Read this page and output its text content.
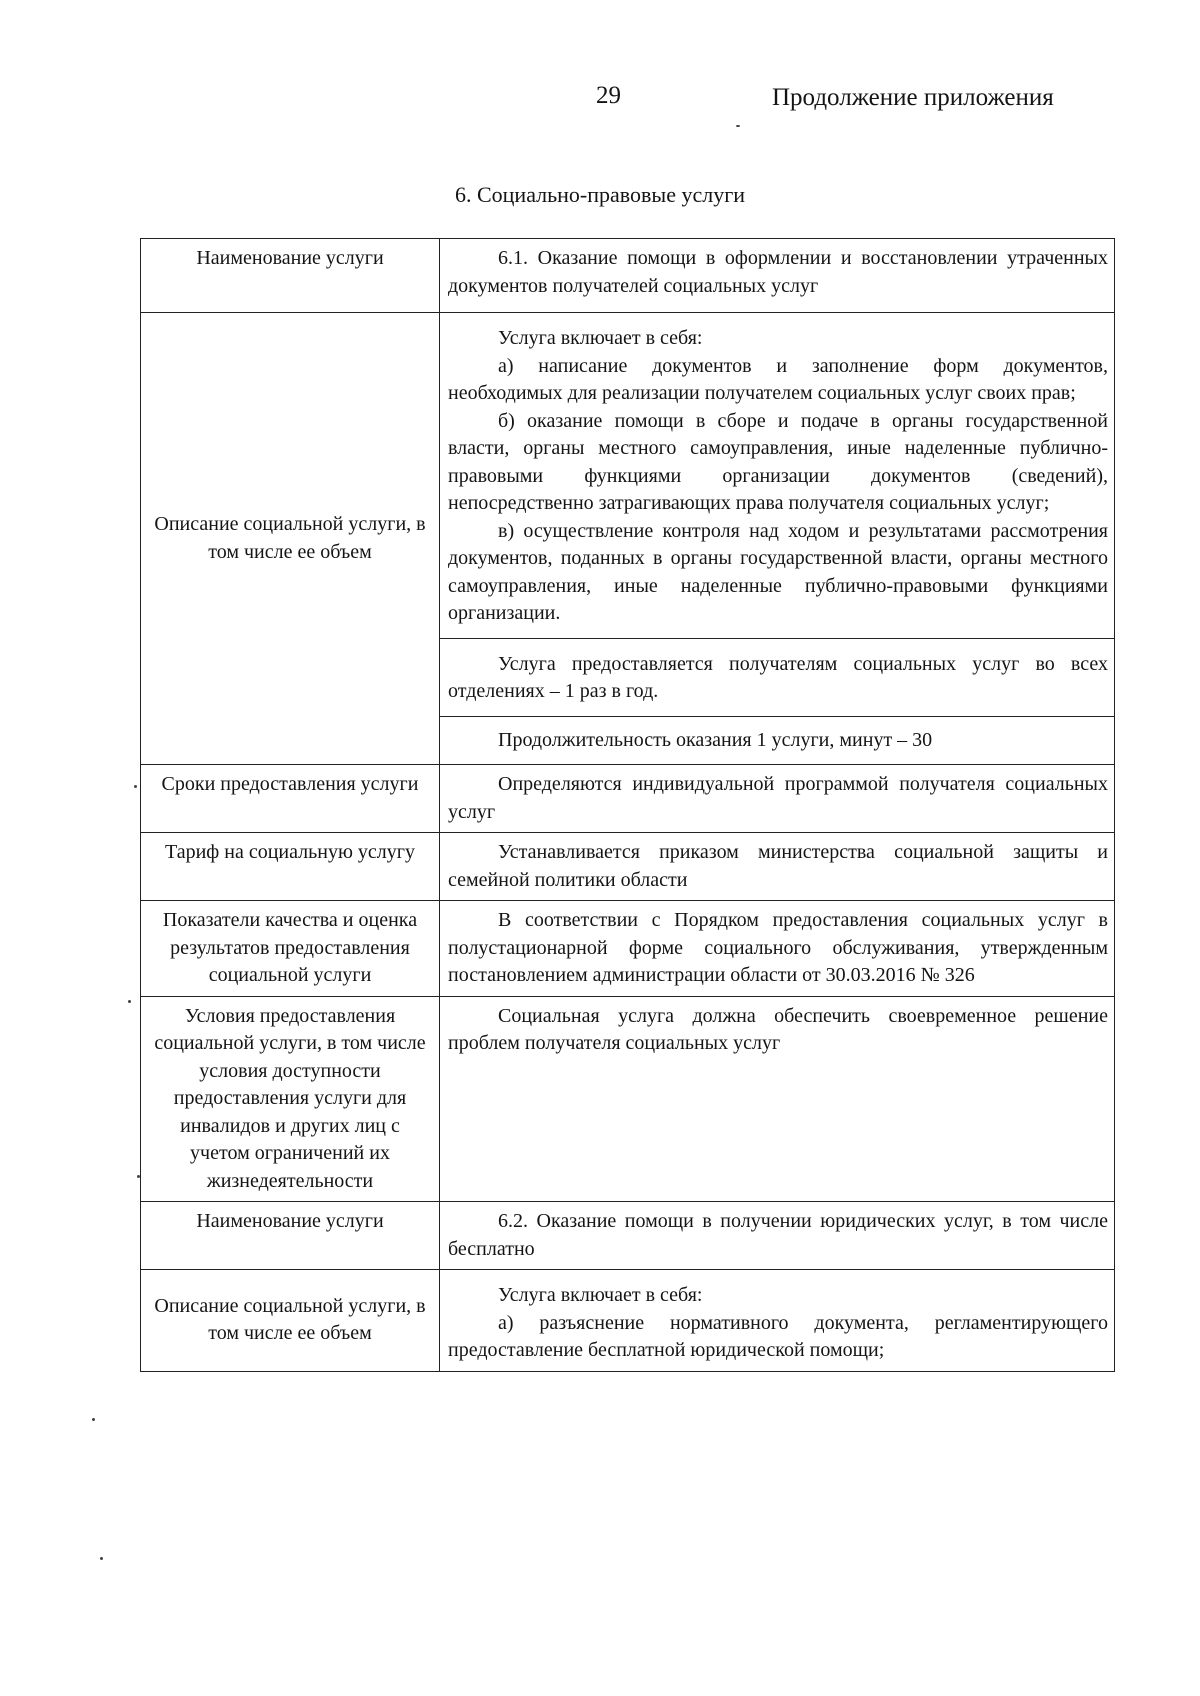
29	Продолжение приложения
6. Социально-правовые услуги
Наименование услуги	6.1. Оказание помощи в оформлении и восстановлении утраченных документов получателей социальных услуг

Описание социальной услуги, в том числе ее объем	Услуга включает в себя:

а) написание документов и заполнение форм документов, необходимых для реализации получателем социальных услуг своих прав;

б) оказание помощи в сборе и подаче в органы государственной власти, органы местного самоуправления, иные наделенные публично-правовыми функциями организации документов (сведений), непосредственно затрагивающих права получателя социальных услуг;

в) осуществление контроля над ходом и результатами рассмотрения документов, поданных в органы государственной власти, органы местного самоуправления, иные наделенные публично-правовыми функциями организации.

	Услуга предоставляется получателям социальных услуг во всех отделениях – 1 раз в год.

	Продолжительность оказания 1 услуги, минут – 30

Сроки предоставления услуги	Определяются индивидуальной программой получателя социальных услуг

Тариф на социальную услугу	Устанавливается приказом министерства социальной защиты и семейной политики области

Показатели качества и оценка результатов предоставления социальной услуги	В соответствии с Порядком предоставления социальных услуг в полустационарной форме социального обслуживания, утвержденным постановлением администрации области от 30.03.2016 № 326

Условия предоставления социальной услуги, в том числе условия доступности предоставления услуги для инвалидов и других лиц с учетом ограничений их жизнедеятельности	Социальная услуга должна обеспечить своевременное решение проблем получателя социальных услуг

Наименование услуги	6.2. Оказание помощи в получении юридических услуг, в том числе бесплатно

Описание социальной услуги, в том числе ее объем	Услуга включает в себя:

а) разъяснение нормативного документа, регламентирующего предоставление бесплатной юридической помощи;
